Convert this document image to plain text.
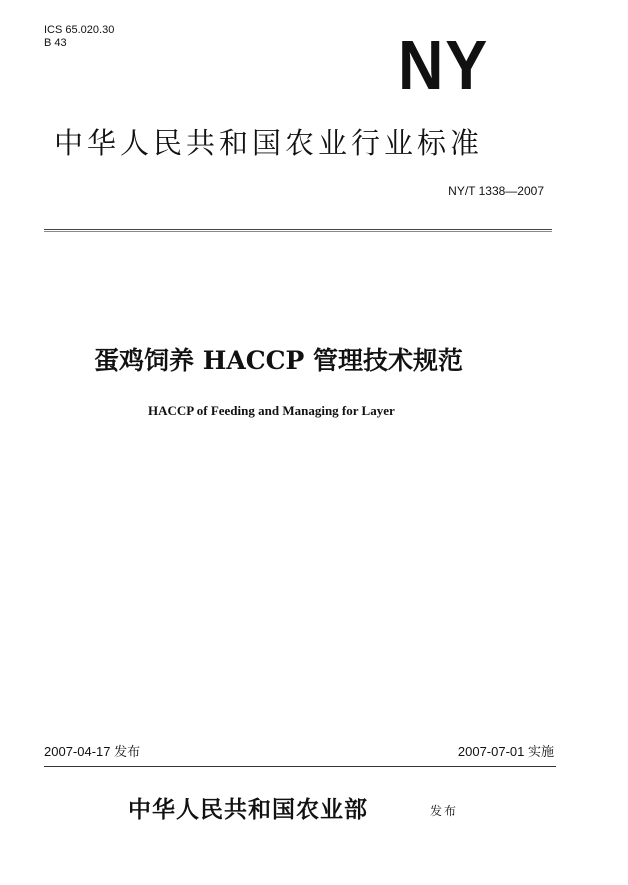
ICS 65.020.30
B 43	NY
中华人民共和国农业行业标准
NY/T 1338—2007
蛋鸡饲养 HACCP 管理技术规范
HACCP of Feeding and Managing for Layer
2007-04-17 发布	2007-07-01 实施
中华人民共和国农业部	发布
